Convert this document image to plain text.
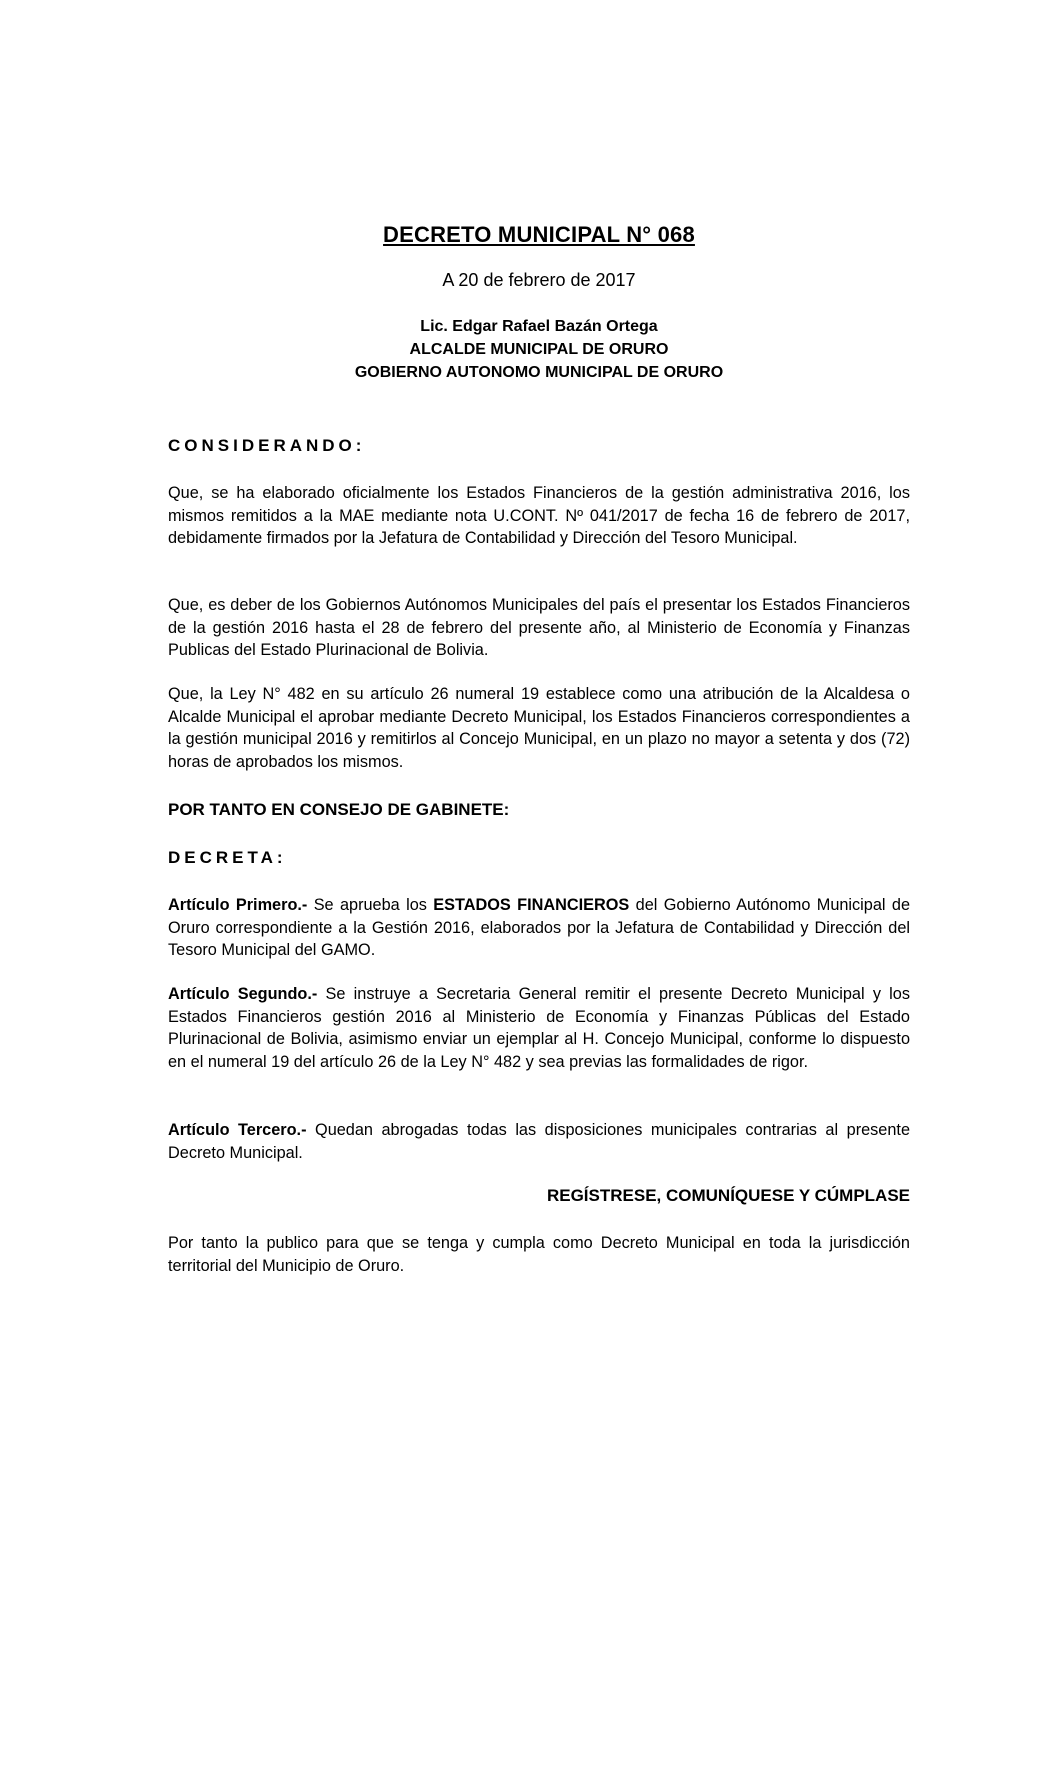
DECRETO MUNICIPAL N° 068
A 20 de febrero de 2017
Lic. Edgar Rafael Bazán Ortega
ALCALDE MUNICIPAL DE ORURO
GOBIERNO AUTONOMO MUNICIPAL DE ORURO
CONSIDERANDO:

Que, se ha elaborado oficialmente los Estados Financieros de la gestión administrativa 2016, los mismos remitidos a la MAE mediante nota U.CONT. Nº 041/2017 de fecha 16 de febrero de 2017, debidamente firmados por la Jefatura de Contabilidad y Dirección del Tesoro Municipal.

Que, es deber de los Gobiernos Autónomos Municipales del país el presentar los Estados Financieros de la gestión 2016 hasta el 28 de febrero del presente año, al Ministerio de Economía y Finanzas Publicas del Estado Plurinacional de Bolivia.

Que, la Ley N° 482 en su artículo 26 numeral 19 establece como una atribución de la Alcaldesa o Alcalde Municipal el aprobar mediante Decreto Municipal, los Estados Financieros correspondientes a la gestión municipal 2016 y remitirlos al Concejo Municipal, en un plazo no mayor a setenta y dos (72) horas de aprobados los mismos.

POR TANTO EN CONSEJO DE GABINETE:
DECRETA:

Artículo Primero.- Se aprueba los ESTADOS FINANCIEROS del Gobierno Autónomo Municipal de Oruro correspondiente a la Gestión 2016, elaborados por la Jefatura de Contabilidad y Dirección del Tesoro Municipal del GAMO.

Artículo Segundo.- Se instruye a Secretaria General remitir el presente Decreto Municipal y los Estados Financieros gestión 2016 al Ministerio de Economía y Finanzas Públicas del Estado Plurinacional de Bolivia, asimismo enviar un ejemplar al H. Concejo Municipal, conforme lo dispuesto en el numeral 19 del artículo 26 de la Ley N° 482 y sea previas las formalidades de rigor.

Artículo Tercero.- Quedan abrogadas todas las disposiciones municipales contrarias al presente Decreto Municipal.

REGÍSTRESE, COMUNÍQUESE Y CÚMPLASE

Por tanto la publico para que se tenga y cumpla como Decreto Municipal en toda la jurisdicción territorial del Municipio de Oruro.
